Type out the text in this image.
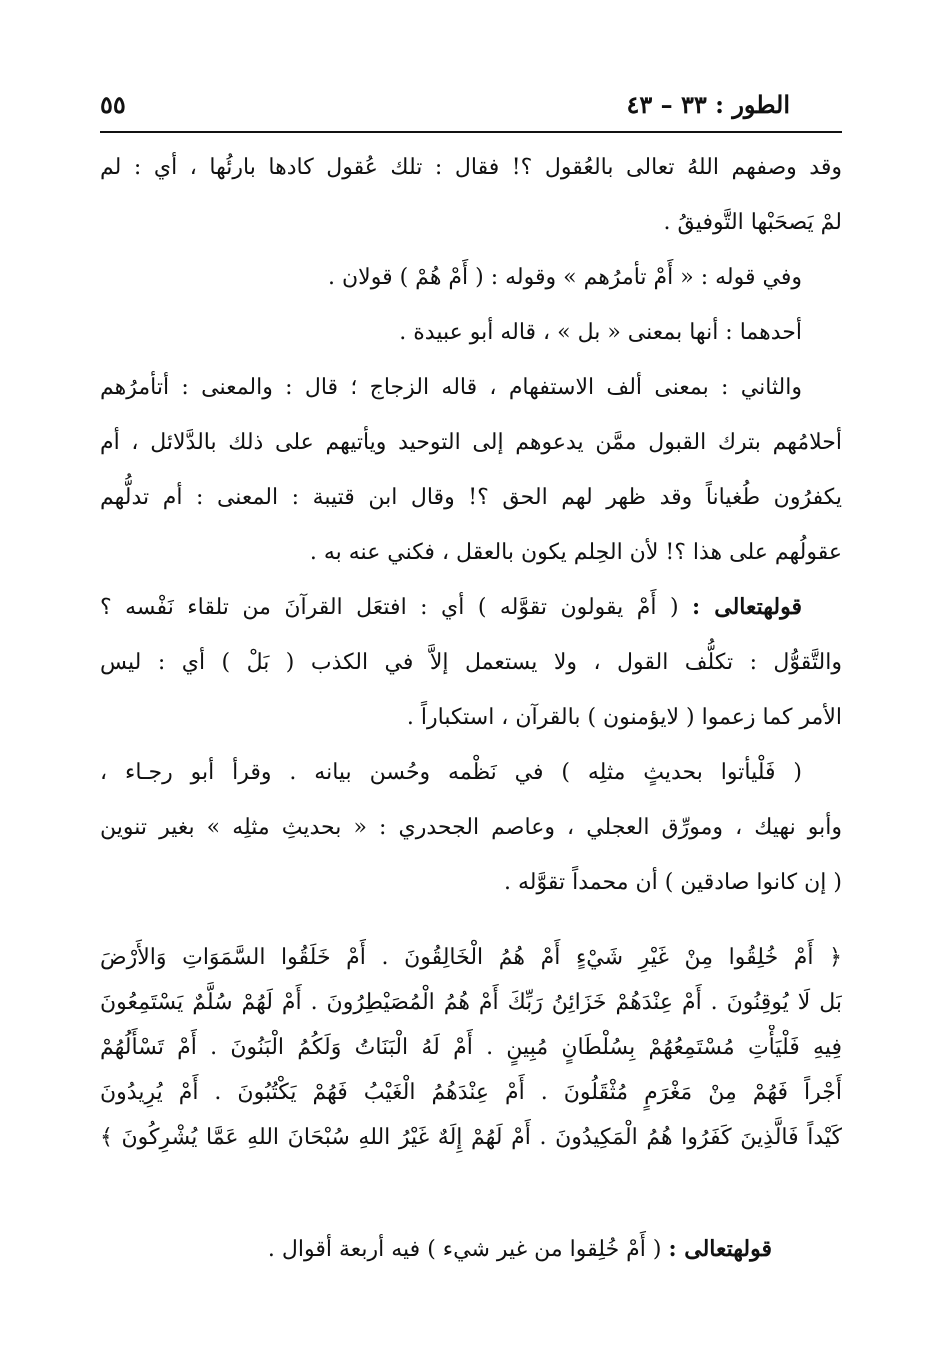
٥٥	الطور : ٣٣ – ٤٣
وقد وصفهم اللهُ تعالى بالعُقول ؟! فقال : تلك عُقول كادها بارئُها ، أي : لم
لمْ يَصحَبْها التَّوفيقُ .
وفي قوله : « أَمْ تأمرُهم » وقوله : ( أَمْ هُمْ ) قولان .
أحدهما : أنها بمعنى « بل » ، قاله أبو عبيدة .
والثاني : بمعنى ألف الاستفهام ، قاله الزجاج ؛ قال : والمعنى : أتأمرُهم
أحلامُهم بترك القبول ممَّن يدعوهم إلى التوحيد ويأتيهم على ذلك بالدَّلائل ، أم
يكفرُون طُغياناً وقد ظهر لهم الحق ؟! وقال ابن قتيبة : المعنى : أم تدلُّهم
عقولُهم على هذا ؟! لأن الحِلم يكون بالعقل ، فكني عنه به .
قولهتعالى : ( أَمْ يقولون تقوَّله ) أي : افتعَل القرآنَ من تلقاء نَفْسه ؟
والتَّقوُّل : تكلُّف القول ، ولا يستعمل إلاَّ في الكذب ( بَلْ ) أي : ليس
الأمر كما زعموا ( لايؤمنون ) بالقرآن ، استكباراً .
( فَلْيأتوا بحديثٍ مثلِه ) في نَظْمه وحُسن بيانه . وقرأ أبو رجـاء ،
وأبو نهيك ، ومورِّق العجلي ، وعاصم الجحدري : « بحديثِ مثلِه » بغير تنوين
( إن كانوا صادقين ) أن محمداً تقوَّله .
﴿ أَمْ خُلِقُوا مِنْ غَيْرِ شَيْءٍ أَمْ هُمُ الْخَالِقُونَ . أَمْ خَلَقُوا السَّمَوَاتِ وَالأَرْضَ
بَل لَا يُوقِنُونَ . أَمْ عِنْدَهُمْ خَزَائِنُ رَبِّكَ أَمْ هُمُ الْمُصَيْطِرُونَ . أَمْ لَهُمْ سُلَّمٌ يَسْتَمِعُونَ
فِيهِ فَلْيَأْتِ مُسْتَمِعُهُمْ بِسُلْطَانٍ مُبِينٍ . أَمْ لَهُ الْبَنَاتُ وَلَكُمُ الْبَنُونَ . أَمْ تَسْأَلُهُمْ
أَجْراً فَهُمْ مِنْ مَغْرَمٍ مُثْقَلُونَ . أَمْ عِنْدَهُمُ الْغَيْبُ فَهُمْ يَكْتُبُونَ . أَمْ يُرِيدُونَ
كَيْداً فَالَّذِينَ كَفَرُوا هُمُ الْمَكِيدُونَ . أَمْ لَهُمْ إِلَهٌ غَيْرُ اللهِ سُبْحَانَ اللهِ عَمَّا يُشْرِكُونَ ﴾
قولهتعالى : ( أَمْ خُلِقوا من غير شيء ) فيه أربعة أقوال .
